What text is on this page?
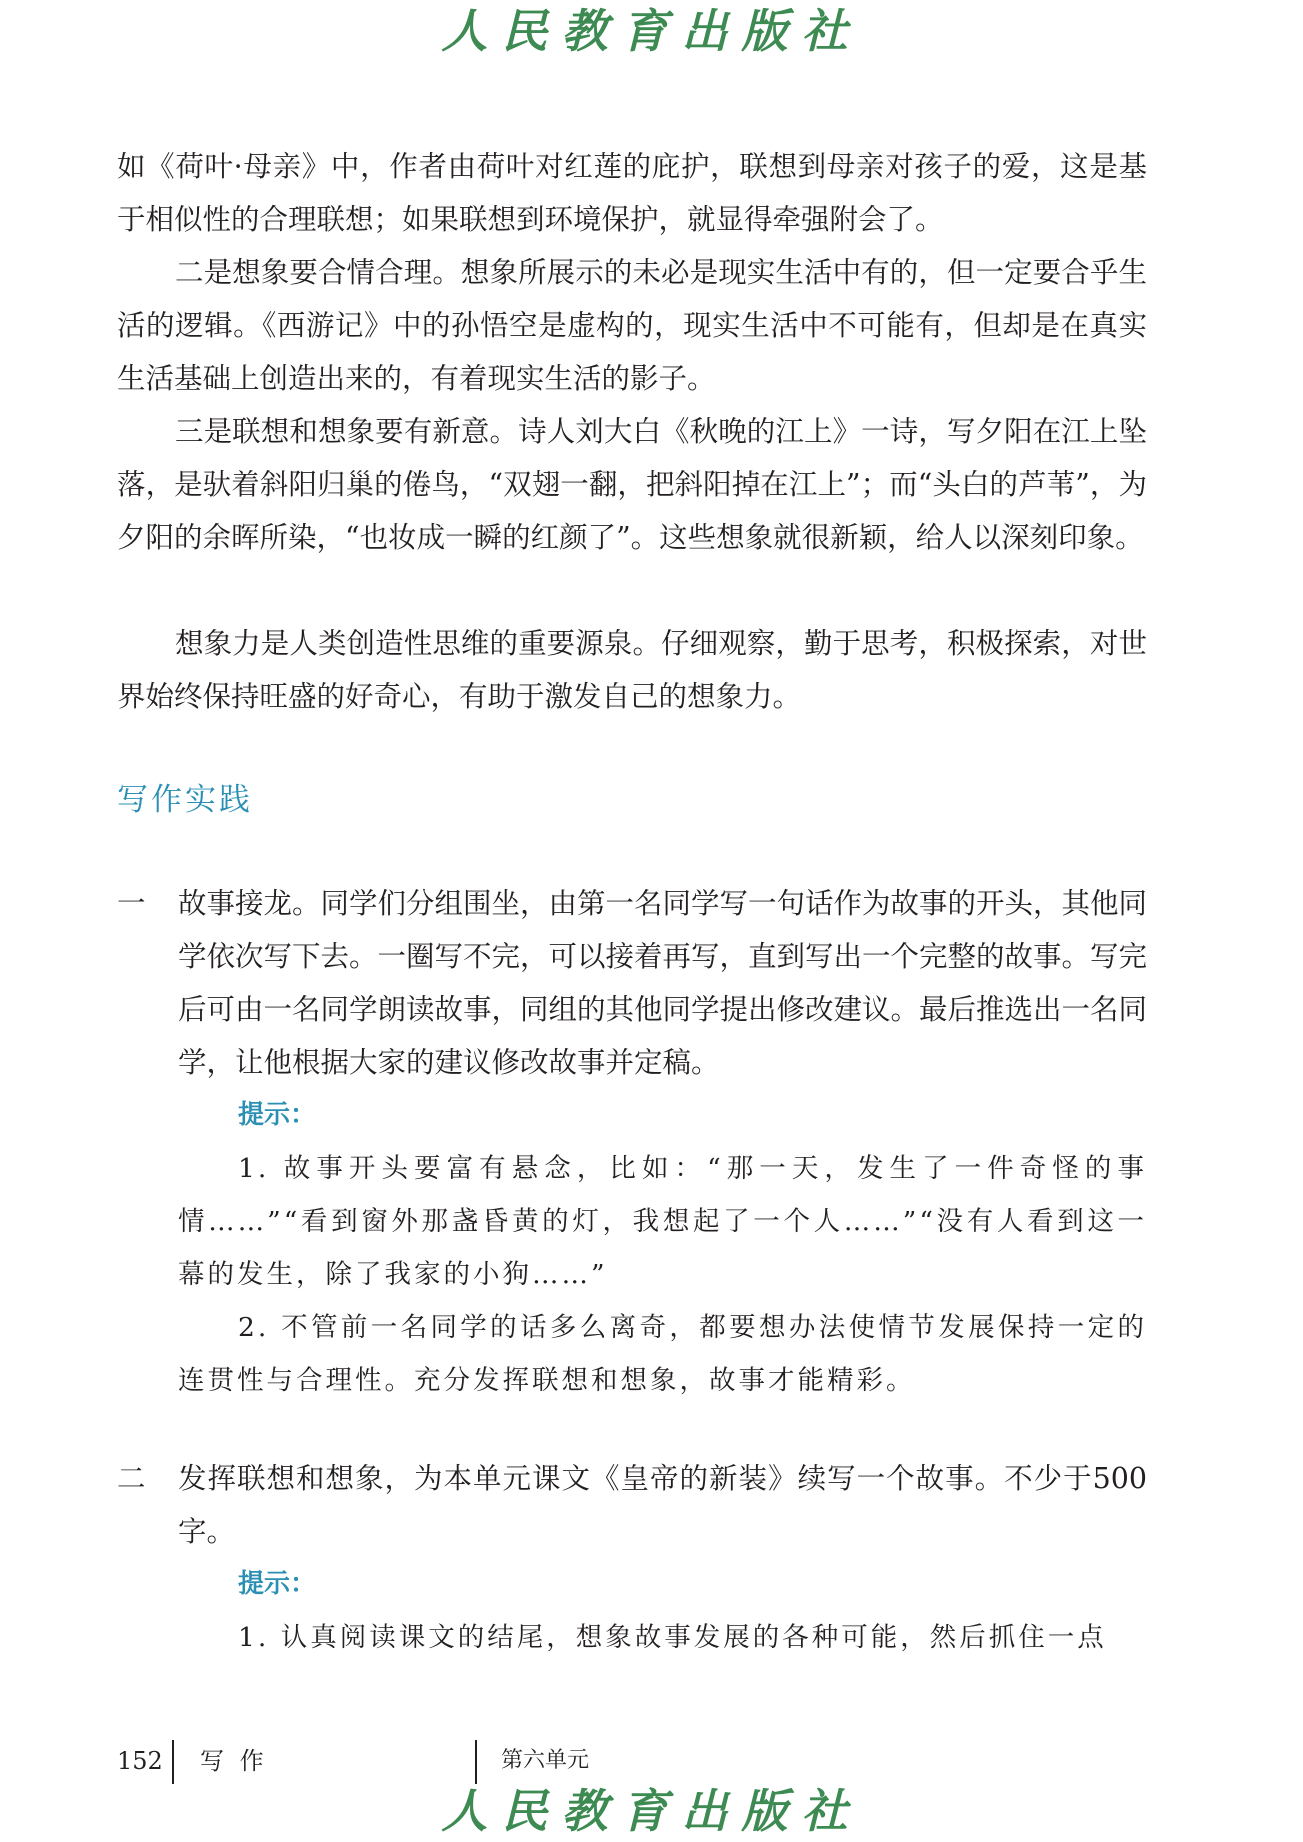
人民教育出版社

如《荷叶·母亲》中，作者由荷叶对红莲的庇护，联想到母亲对孩子的爱，这是基于相似性的合理联想；如果联想到环境保护，就显得牵强附会了。

二是想象要合情合理。想象所展示的未必是现实生活中有的，但一定要合乎生活的逻辑。《西游记》中的孙悟空是虚构的，现实生活中不可能有，但却是在真实生活基础上创造出来的，有着现实生活的影子。

三是联想和想象要有新意。诗人刘大白《秋晚的江上》一诗，写夕阳在江上坠落，是驮着斜阳归巢的倦鸟，“双翅一翻，把斜阳掉在江上”；而“头白的芦苇”，为夕阳的余晖所染，“也妆成一瞬的红颜了”。这些想象就很新颖，给人以深刻印象。

想象力是人类创造性思维的重要源泉。仔细观察，勤于思考，积极探索，对世界始终保持旺盛的好奇心，有助于激发自己的想象力。

写作实践
一 故事接龙。同学们分组围坐，由第一名同学写一句话作为故事的开头，其他同学依次写下去。一圈写不完，可以接着再写，直到写出一个完整的故事。写完后可由一名同学朗读故事，同组的其他同学提出修改建议。最后推选出一名同学，让他根据大家的建议修改故事并定稿。

提示：

1. 故事开头要富有悬念，比如：“那一天，发生了一件奇怪的事情……”“看到窗外那盏昏黄的灯，我想起了一个人……”“没有人看到这一幕的发生，除了我家的小狗……”

2. 不管前一名同学的话多么离奇，都要想办法使情节发展保持一定的连贯性与合理性。充分发挥联想和想象，故事才能精彩。

二 发挥联想和想象，为本单元课文《皇帝的新装》续写一个故事。不少于500字。

提示：

1. 认真阅读课文的结尾，想象故事发展的各种可能，然后抓住一点

152 写 作	第六单元
人民教育出版社
